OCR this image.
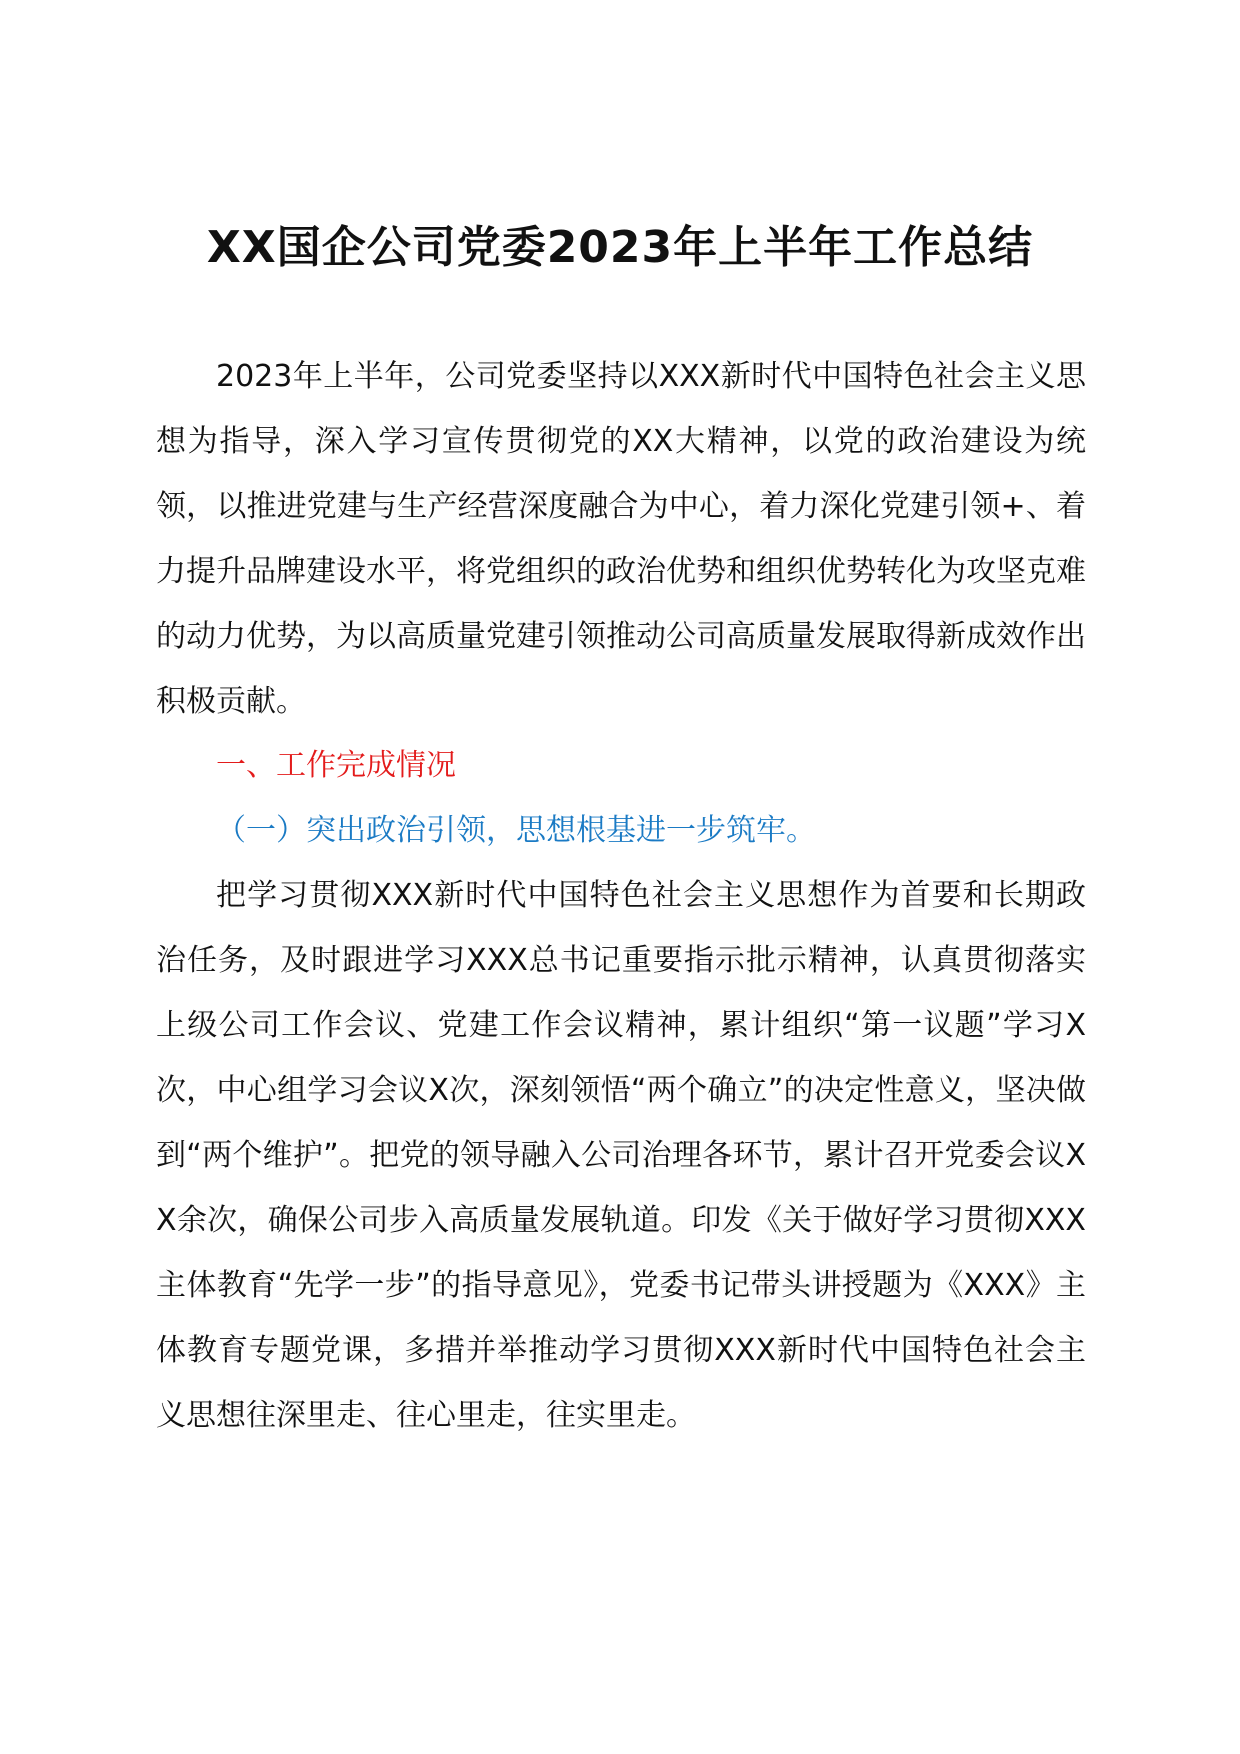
XX国企公司党委2023年上半年工作总结
2023年上半年，公司党委坚持以XXX新时代中国特色社会主义思想为指导，深入学习宣传贯彻党的XX大精神，以党的政治建设为统领，以推进党建与生产经营深度融合为中心，着力深化党建引领+、着力提升品牌建设水平，将党组织的政治优势和组织优势转化为攻坚克难的动力优势，为以高质量党建引领推动公司高质量发展取得新成效作出积极贡献。
一、工作完成情况
（一）突出政治引领，思想根基进一步筑牢。
把学习贯彻XXX新时代中国特色社会主义思想作为首要和长期政治任务，及时跟进学习XXX总书记重要指示批示精神，认真贯彻落实上级公司工作会议、党建工作会议精神，累计组织“第一议题”学习X次，中心组学习会议X次，深刻领悟“两个确立”的决定性意义，坚决做到“两个维护”。把党的领导融入公司治理各环节，累计召开党委会议XX余次，确保公司步入高质量发展轨道。印发《关于做好学习贯彻XXX主体教育“先学一步”的指导意见》，党委书记带头讲授题为《XXX》主体教育专题党课，多措并举推动学习贯彻XXX新时代中国特色社会主义思想往深里走、往心里走，往实里走。
